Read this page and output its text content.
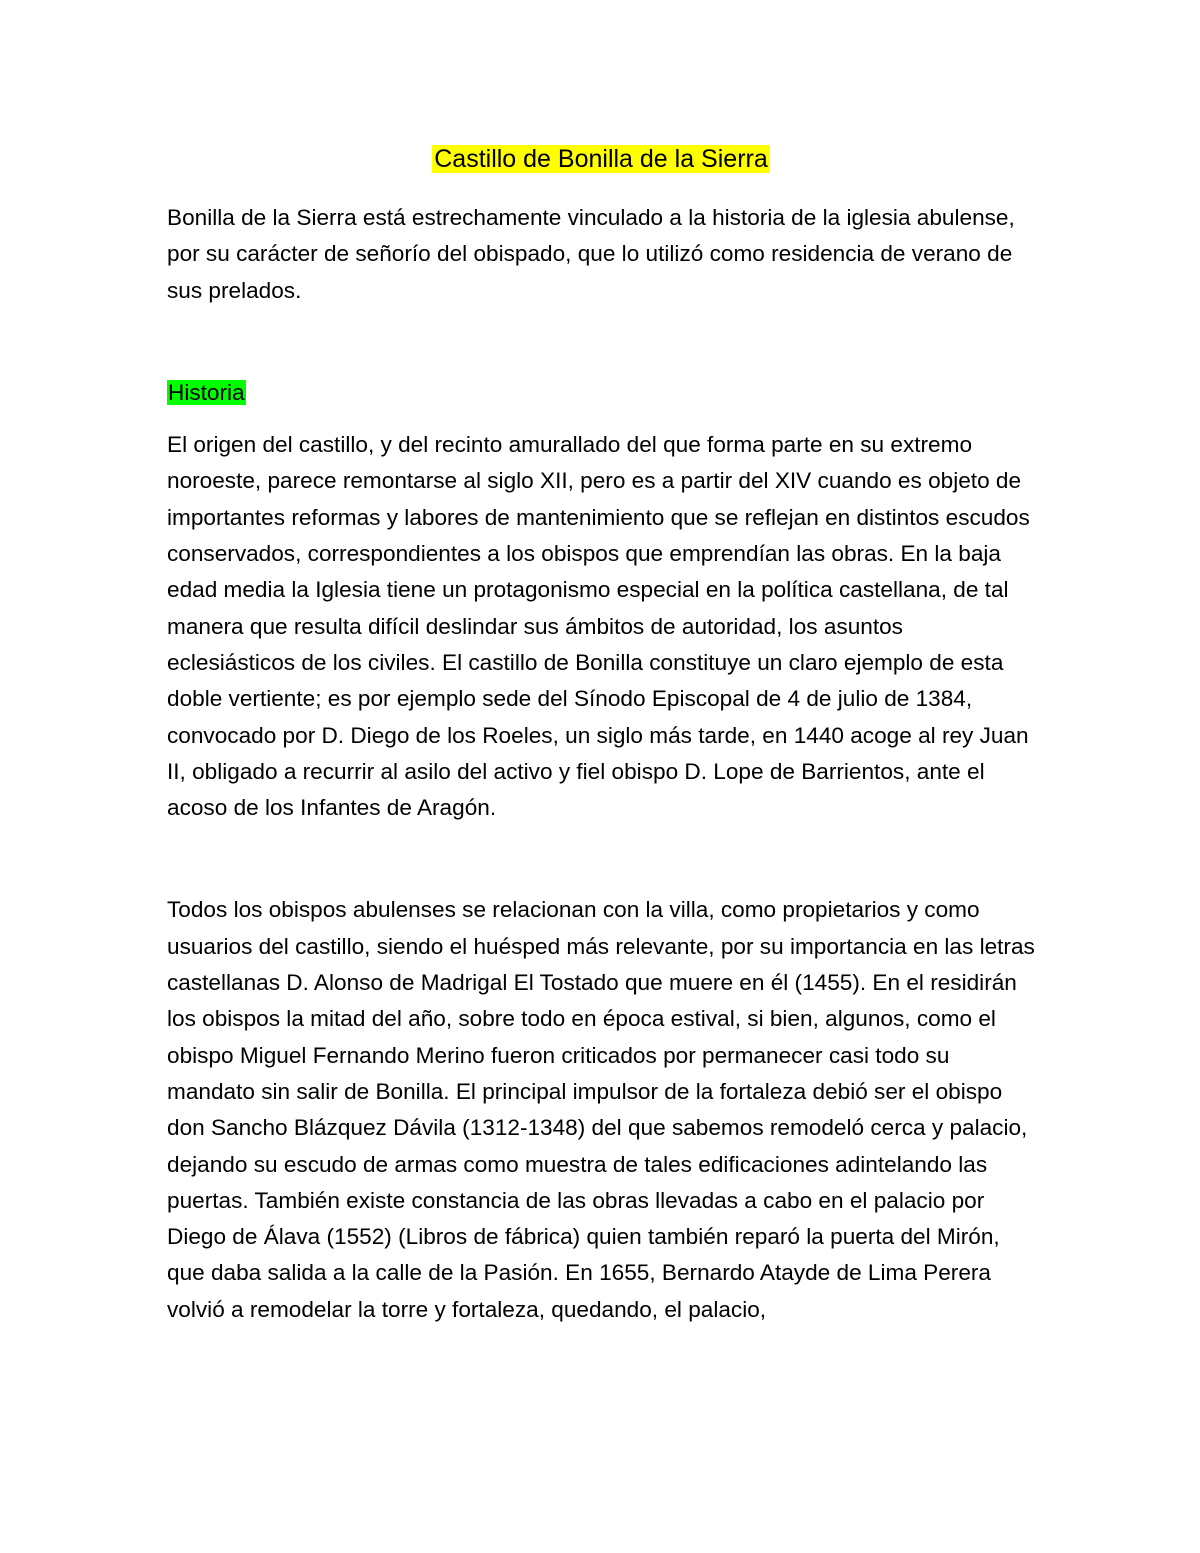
Castillo de Bonilla de la Sierra

Bonilla de la Sierra está estrechamente vinculado a la historia de la iglesia abulense, por su carácter de señorío del obispado, que lo utilizó como residencia de verano de sus prelados.

Historia

El origen del castillo, y del recinto amurallado del que forma parte en su extremo noroeste, parece remontarse al siglo XII, pero es a partir del XIV cuando es objeto de importantes reformas y labores de mantenimiento que se reflejan en distintos escudos conservados, correspondientes a los obispos que emprendían las obras. En la baja edad media la Iglesia tiene un protagonismo especial en la política castellana, de tal manera que resulta difícil deslindar sus ámbitos de autoridad, los asuntos eclesiásticos de los civiles. El castillo de Bonilla constituye un claro ejemplo de esta doble vertiente; es por ejemplo sede del Sínodo Episcopal de 4 de julio de 1384, convocado por D. Diego de los Roeles, un siglo más tarde, en 1440 acoge al rey Juan II, obligado a recurrir al asilo del activo y fiel obispo D. Lope de Barrientos, ante el acoso de los Infantes de Aragón.

Todos los obispos abulenses se relacionan con la villa, como propietarios y como usuarios del castillo, siendo el huésped más relevante, por su importancia en las letras castellanas D. Alonso de Madrigal El Tostado que muere en él (1455). En el residirán los obispos la mitad del año, sobre todo en época estival, si bien, algunos, como el obispo Miguel Fernando Merino fueron criticados por permanecer casi todo su mandato sin salir de Bonilla. El principal impulsor de la fortaleza debió ser el obispo don Sancho Blázquez Dávila (1312-1348) del que sabemos remodeló cerca y palacio, dejando su escudo de armas como muestra de tales edificaciones adintelando las puertas. También existe constancia de las obras llevadas a cabo en el palacio por Diego de Álava (1552) (Libros de fábrica) quien también reparó la puerta del Mirón, que daba salida a la calle de la Pasión. En 1655, Bernardo Atayde de Lima Perera volvió a remodelar la torre y fortaleza, quedando, el palacio,
